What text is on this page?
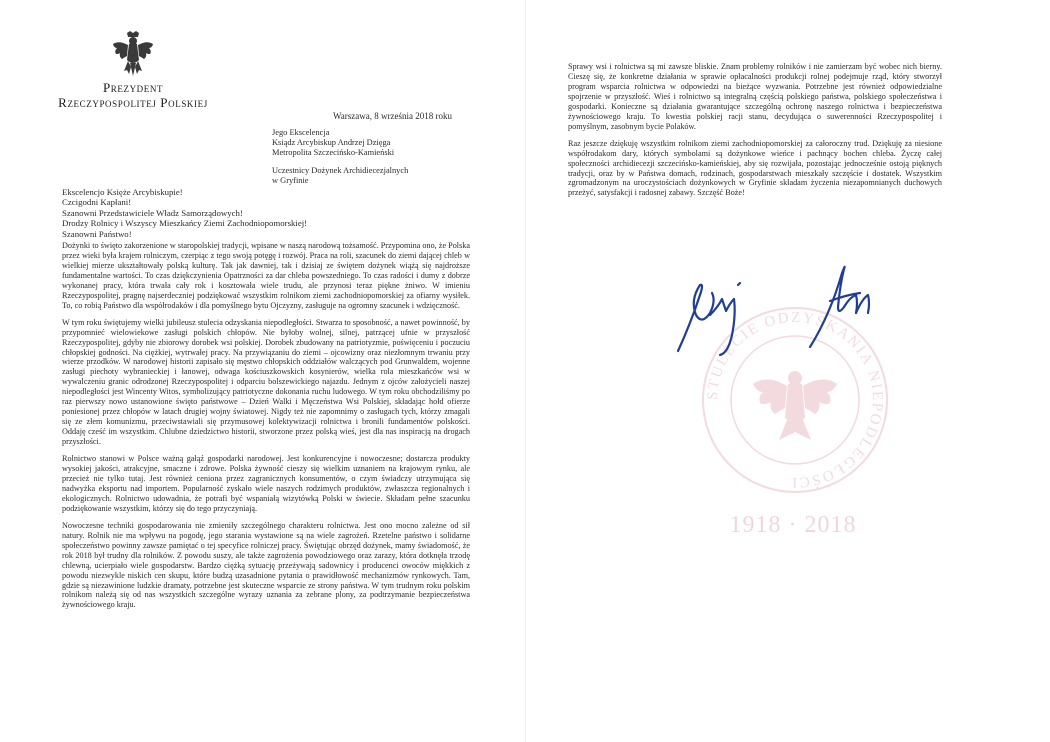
Prezydent
Rzeczypospolitej Polskiej
Warszawa, 8 września 2018 roku
Jego Ekscelencja
Ksiądz Arcybiskup Andrzej Dzięga
Metropolita Szczecińsko-Kamieński
Uczestnicy Dożynek Archidiecezjalnych
w Gryfinie
Ekscelencjo Księże Arcybiskupie!
Czcigodni Kapłani!
Szanowni Przedstawiciele Władz Samorządowych!
Drodzy Rolnicy i Wszyscy Mieszkańcy Ziemi Zachodniopomorskiej!
Szanowni Państwo!

Dożynki to święto zakorzenione w staropolskiej tradycji, wpisane w naszą narodową tożsamość. Przypomina ono, że Polska przez wieki była krajem rolniczym, czerpiąc z tego swoją potęgę i rozwój. Praca na roli, szacunek do ziemi dającej chleb w wielkiej mierze ukształtowały polską kulturę. Tak jak dawniej, tak i dzisiaj ze świętem dożynek wiążą się najdroższe fundamentalne wartości. To czas dziękczynienia Opatrzności za dar chleba powszedniego. To czas radości i dumy z dobrze wykonanej pracy, która trwała cały rok i kosztowała wiele trudu, ale przynosi teraz piękne żniwo. W imieniu Rzeczypospolitej, pragnę najserdeczniej podziękować wszystkim rolnikom ziemi zachodniopomorskiej za ofiarny wysiłek. To, co robią Państwo dla współrodaków i dla pomyślnego bytu Ojczyzny, zasługuje na ogromny szacunek i wdzięczność.

W tym roku świętujemy wielki jubileusz stulecia odzyskania niepodległości. Stwarza to sposobność, a nawet powinność, by przypomnieć wielowiekowe zasługi polskich chłopów. Nie byłoby wolnej, silnej, patrzącej ufnie w przyszłość Rzeczypospolitej, gdyby nie zbiorowy dorobek wsi polskiej. Dorobek zbudowany na patriotyzmie, poświęceniu i poczuciu chłopskiej godności. Na ciężkiej, wytrwałej pracy. Na przywiązaniu do ziemi – ojcowizny oraz niezłomnym trwaniu przy wierze przodków. W narodowej historii zapisało się męstwo chłopskich oddziałów walczących pod Grunwaldem, wojenne zasługi piechoty wybranieckiej i łanowej, odwaga kościuszkowskich kosynierów, wielka rola mieszkańców wsi w wywalczeniu granic odrodzonej Rzeczypospolitej i odparciu bolszewickiego najazdu. Jednym z ojców założycieli naszej niepodległości jest Wincenty Witos, symbolizujący patriotyczne dokonania ruchu ludowego. W tym roku obchodziliśmy po raz pierwszy nowo ustanowione święto państwowe – Dzień Walki i Męczeństwa Wsi Polskiej, składając hołd ofierze poniesionej przez chłopów w latach drugiej wojny światowej. Nigdy też nie zapomnimy o zasługach tych, którzy zmagali się ze złem komunizmu, przeciwstawiali się przymusowej kolektywizacji rolnictwa i bronili fundamentów polskości. Oddaję cześć im wszystkim. Chlubne dziedzictwo historii, stworzone przez polską wieś, jest dla nas inspiracją na drogach przyszłości.

Rolnictwo stanowi w Polsce ważną gałąź gospodarki narodowej. Jest konkurencyjne i nowoczesne; dostarcza produkty wysokiej jakości, atrakcyjne, smaczne i zdrowe. Polska żywność cieszy się wielkim uznaniem na krajowym rynku, ale przecież nie tylko tutaj. Jest również ceniona przez zagranicznych konsumentów, o czym świadczy utrzymująca się nadwyżka eksportu nad importem. Popularność zyskało wiele naszych rodzimych produktów, zwłaszcza regionalnych i ekologicznych. Rolnictwo udowadnia, że potrafi być wspaniałą wizytówką Polski w świecie. Składam pełne szacunku podziękowanie wszystkim, którzy się do tego przyczyniają.

Nowoczesne techniki gospodarowania nie zmieniły szczególnego charakteru rolnictwa. Jest ono mocno zależne od sił natury. Rolnik nie ma wpływu na pogodę, jego starania wystawione są na wiele zagrożeń. Rzetelne państwo i solidarne społeczeństwo powinny zawsze pamiętać o tej specyfice rolniczej pracy. Świętując obrzęd dożynek, mamy świadomość, że rok 2018 był trudny dla rolników. Z powodu suszy, ale także zagrożenia powodziowego oraz zarazy, która dotknęła trzodę chlewną, ucierpiało wiele gospodarstw. Bardzo ciężką sytuację przeżywają sadownicy i producenci owoców miękkich z powodu niezwykle niskich cen skupu, które budzą uzasadnione pytania o prawidłowość mechanizmów rynkowych. Tam, gdzie są niezawinione ludzkie dramaty, potrzebne jest skuteczne wsparcie ze strony państwa. W tym trudnym roku polskim rolnikom należą się od nas wszystkich szczególne wyrazy uznania za zebrane plony, za podtrzymanie bezpieczeństwa żywnościowego kraju.

Sprawy wsi i rolnictwa są mi zawsze bliskie. Znam problemy rolników i nie zamierzam być wobec nich bierny. Cieszę się, że konkretne działania w sprawie opłacalności produkcji rolnej podejmuje rząd, który stworzył program wsparcia rolnictwa w odpowiedzi na bieżące wyzwania. Potrzebne jest również odpowiedzialne spojrzenie w przyszłość. Wieś i rolnictwo są integralną częścią polskiego państwa, polskiego społeczeństwa i gospodarki. Konieczne są działania gwarantujące szczególną ochronę naszego rolnictwa i bezpieczeństwa żywnościowego kraju. To kwestia polskiej racji stanu, decydująca o suwerenności Rzeczypospolitej i pomyślnym, zasobnym bycie Polaków.

Raz jeszcze dziękuję wszystkim rolnikom ziemi zachodniopomorskiej za całoroczny trud. Dziękuję za niesione współrodakom dary, których symbolami są dożynkowe wieńce i pachnący bochen chleba. Życzę całej społeczności archidiecezji szczecińsko-kamieńskiej, aby się rozwijała, pozostając jednocześnie ostoją pięknych tradycji, oraz by w Państwa domach, rodzinach, gospodarstwach mieszkały szczęście i dostatek. Wszystkim zgromadzonym na uroczystościach dożynkowych w Gryfinie składam życzenia niezapomnianych duchowych przeżyć, satysfakcji i radosnej zabawy. Szczęść Boże!

STULECIE ODZYSKANIA NIEPODLEGŁOŚCI
1918 · 2018
